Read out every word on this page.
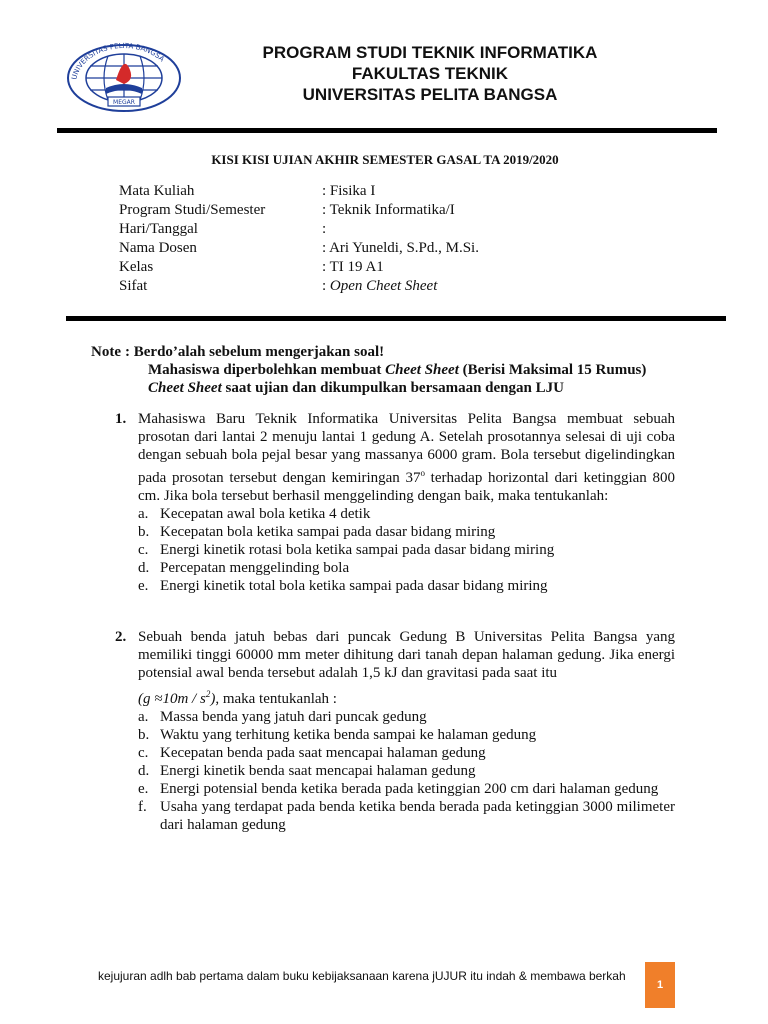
MEGAR
UNIVERSITAS PELITA BANGSA	PROGRAM STUDI TEKNIK INFORMATIKA
FAKULTAS TEKNIK
UNIVERSITAS PELITA BANGSA
KISI KISI UJIAN AKHIR SEMESTER GASAL TA 2019/2020
Mata Kuliah	: Fisika I
Program Studi/Semester	: Teknik Informatika/I
Hari/Tanggal	:
Nama Dosen	: Ari Yuneldi, S.Pd., M.Si.
Kelas	: TI 19 A1
Sifat	: Open Cheet Sheet
Note : Berdo’alah sebelum mengerjakan soal!
Mahasiswa diperbolehkan membuat Cheet Sheet (Berisi Maksimal 15 Rumus)
Cheet Sheet saat ujian dan dikumpulkan bersamaan dengan LJU
1. Mahasiswa Baru Teknik Informatika Universitas Pelita Bangsa membuat sebuah prosotan dari lantai 2 menuju lantai 1 gedung A. Setelah prosotannya selesai di uji coba dengan sebuah bola pejal besar yang massanya 6000 gram. Bola tersebut digelindingkan pada prosotan tersebut dengan kemiringan 37$^o$ terhadap horizontal dari ketinggian 800 cm. Jika bola tersebut berhasil menggelinding dengan baik, maka tentukanlah:

a. Kecepatan awal bola ketika 4 detik
b. Kecepatan bola ketika sampai pada dasar bidang miring
c. Energi kinetik rotasi bola ketika sampai pada dasar bidang miring
d. Percepatan menggelinding bola
e. Energi kinetik total bola ketika sampai pada dasar bidang miring
2. Sebuah benda jatuh bebas dari puncak Gedung B Universitas Pelita Bangsa yang memiliki tinggi 60000 mm meter dihitung dari tanah depan halaman gedung. Jika energi potensial awal benda tersebut adalah 1,5 kJ dan gravitasi pada saat itu

$(g \approx 10m / s^2)$, maka tentukanlah :

a. Massa benda yang jatuh dari puncak gedung
b. Waktu yang terhitung ketika benda sampai ke halaman gedung
c. Kecepatan benda pada saat mencapai halaman gedung
d. Energi kinetik benda saat mencapai halaman gedung
e. Energi potensial benda ketika berada pada ketinggian 200 cm dari halaman gedung
f. Usaha yang terdapat pada benda ketika benda berada pada ketinggian 3000 milimeter dari halaman gedung
kejujuran adlh bab pertama dalam buku kebijaksanaan karena jUJUR itu indah & membawa berkah
1
